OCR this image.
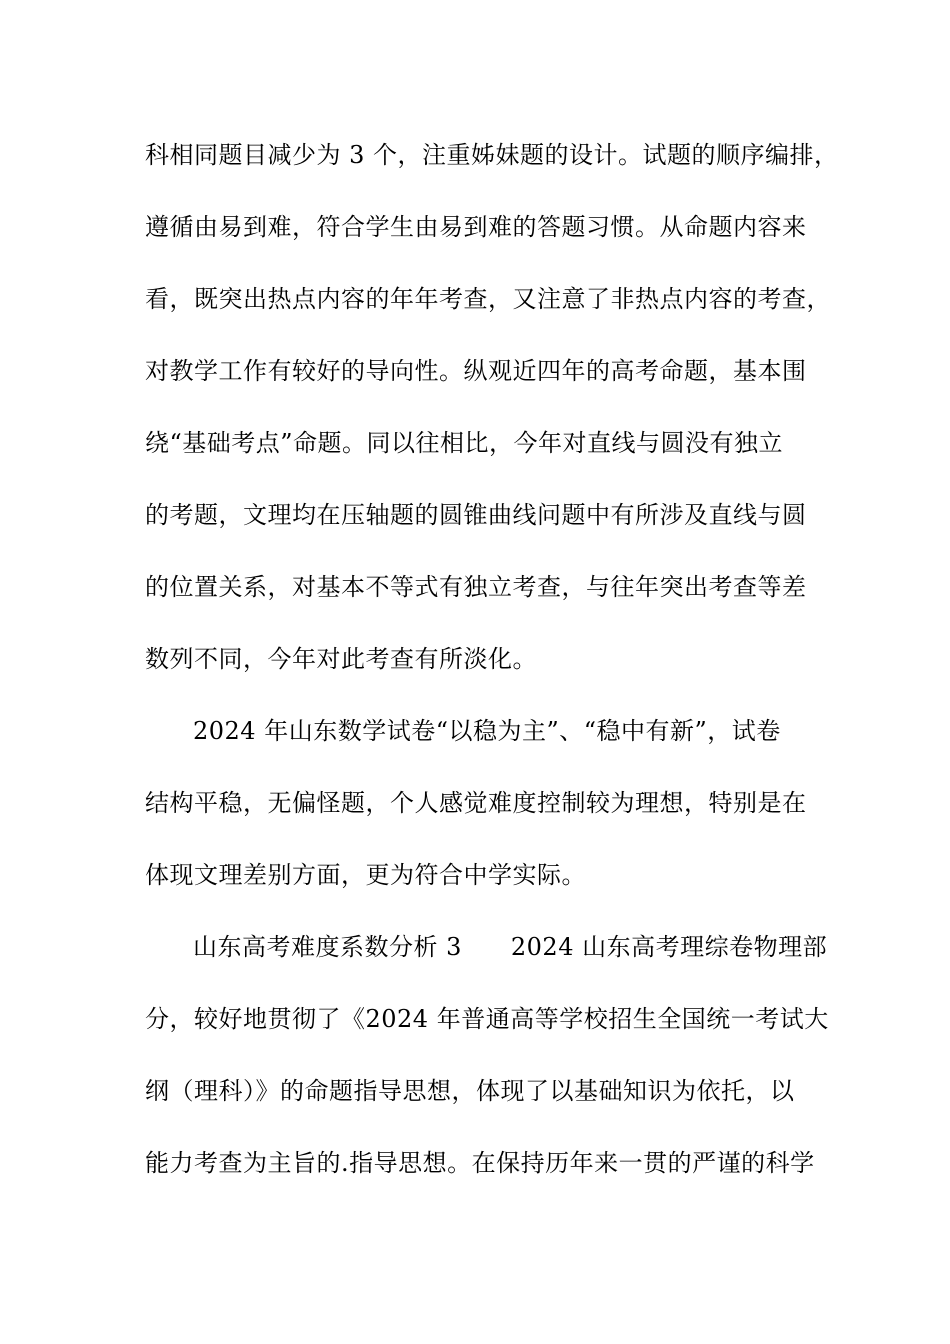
科相同题目减少为 3 个，注重姊妹题的设计。试题的顺序编排，
遵循由易到难，符合学生由易到难的答题习惯。从命题内容来
看，既突出热点内容的年年考查，又注意了非热点内容的考查，
对教学工作有较好的导向性。纵观近四年的高考命题，基本围
绕“基础考点”命题。同以往相比，今年对直线与圆没有独立
的考题，文理均在压轴题的圆锥曲线问题中有所涉及直线与圆
的位置关系，对基本不等式有独立考查，与往年突出考查等差
数列不同，今年对此考查有所淡化。
2024 年山东数学试卷“以稳为主”、“稳中有新”，试卷
结构平稳，无偏怪题，个人感觉难度控制较为理想，特别是在
体现文理差别方面，更为符合中学实际。
山东高考难度系数分析 3　　2024 山东高考理综卷物理部
分，较好地贯彻了《2024 年普通高等学校招生全国统一考试大
纲（理科）》的命题指导思想，体现了以基础知识为依托，以
能力考查为主旨的.指导思想。在保持历年来一贯的严谨的科学
